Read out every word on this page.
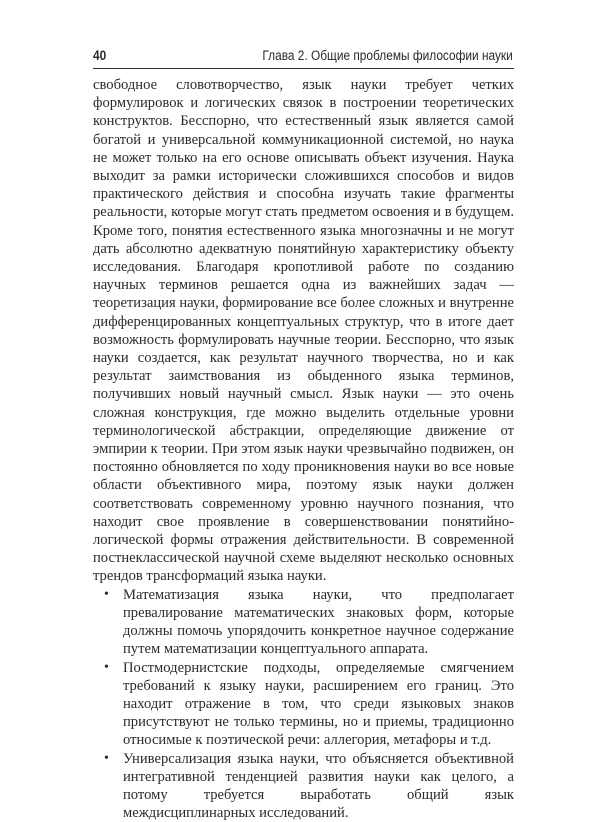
40	Глава 2. Общие проблемы философии науки

свободное словотворчество, язык науки требует четких формулировок и логических связок в построении теоретических конструктов. Бесспорно, что естественный язык является самой богатой и универсальной коммуникационной системой, но наука не может только на его основе описывать объект изучения. Наука выходит за рамки исторически сложившихся способов и видов практического действия и способна изучать такие фрагменты реальности, которые могут стать предметом освоения и в будущем. Кроме того, понятия естественного языка многозначны и не могут дать абсолютно адекватную понятийную характеристику объекту исследования. Благодаря кропотливой работе по созданию научных терминов решается одна из важнейших задач — теоретизация науки, формирование все более сложных и внутренне дифференцированных концептуальных структур, что в итоге дает возможность формулировать научные теории. Бесспорно, что язык науки создается, как результат научного творчества, но и как результат заимствования из обыденного языка терминов, получивших новый научный смысл. Язык науки — это очень сложная конструкция, где можно выделить отдельные уровни терминологической абстракции, определяющие движение от эмпирии к теории. При этом язык науки чрезвычайно подвижен, он постоянно обновляется по ходу проникновения науки во все новые области объективного мира, поэтому язык науки должен соответствовать современному уровню научного познания, что находит свое проявление в совершенствовании понятийно-логической формы отражения действительности. В современной постнеклассической научной схеме выделяют несколько основных трендов трансформаций языка науки.

• Математизация языка науки, что предполагает превалирование математических знаковых форм, которые должны помочь упорядочить конкретное научное содержание путем математизации концептуального аппарата.
• Постмодернистские подходы, определяемые смягчением требований к языку науки, расширением его границ. Это находит отражение в том, что среди языковых знаков присутствуют не только термины, но и приемы, традиционно относимые к поэтической речи: аллегория, метафоры и т.д.
• Универсализация языка науки, что объясняется объективной интегративной тенденцией развития науки как целого, а потому требуется выработать общий язык междисциплинарных исследований.
